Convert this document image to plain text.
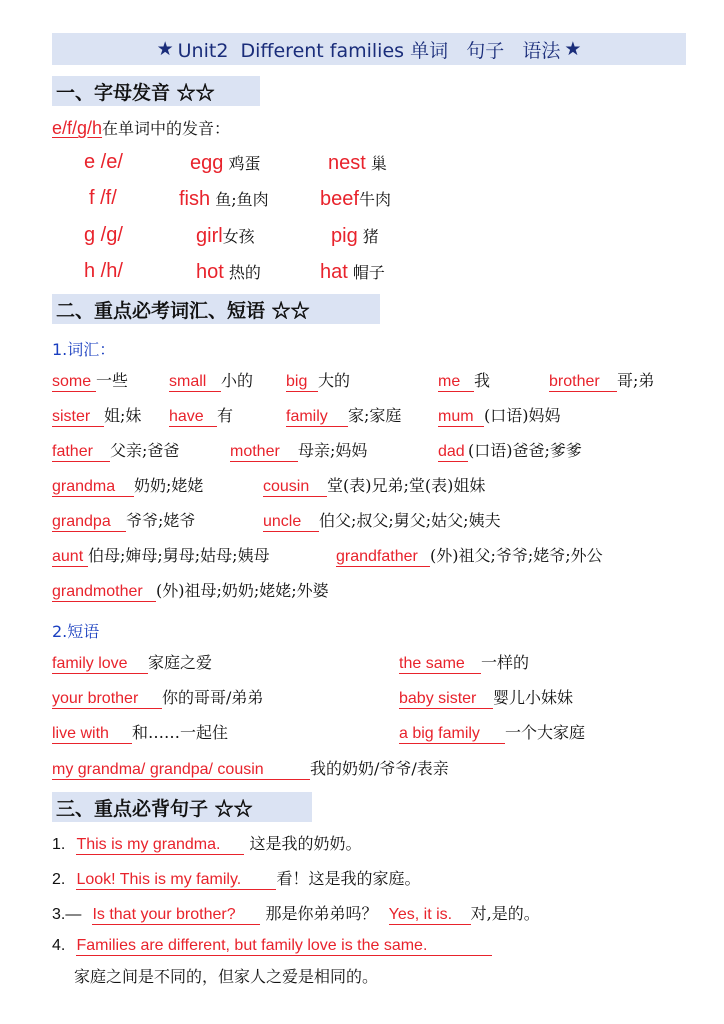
★ Unit2  Different families 单词   句子   语法 ★
一、字母发音 ☆☆
e/f/g/h在单词中的发音：
e /e/	egg 鸡蛋	nest 巢
f /f/	fish 鱼;鱼肉	beef牛肉
g /g/	girl女孩	pig 猪
h /h/	hot 热的	hat 帽子
二、重点必考词汇、短语 ☆☆
1.词汇：
some 一些	small 小的 big 大的	me 我	brother 哥;弟
sister 姐;妹 have 有	family 家;家庭 mum (口语)妈妈
father 父亲;爸爸	mother 母亲;妈妈	dad (口语)爸爸;爹爹
grandma 奶奶;姥姥	cousin 堂(表)兄弟;堂(表)姐妹
grandpa 爷爷;姥爷	uncle 伯父;叔父;舅父;姑父;姨夫
aunt 伯母;婶母;舅母;姑母;姨母	grandfather (外)祖父;爷爷;姥爷;外公
grandmother (外)祖母;奶奶;姥姥;外婆
2.短语
family love 家庭之爱	the same 一样的
your brother 你的哥哥/弟弟	baby sister 婴儿小妹妹
live with 和……一起住	a big family 一个大家庭
my grandma/ grandpa/ cousin	我的奶奶/爷爷/表亲
三、重点必背句子 ☆☆
1. This is my grandma. 这是我的奶奶。
2. Look! This is my family. 看！这是我的家庭。
3.— Is that your brother? 那是你弟弟吗？ Yes, it is. 对,是的。
4. Families are different, but family love is the same.
家庭之间是不同的，但家人之爱是相同的。
